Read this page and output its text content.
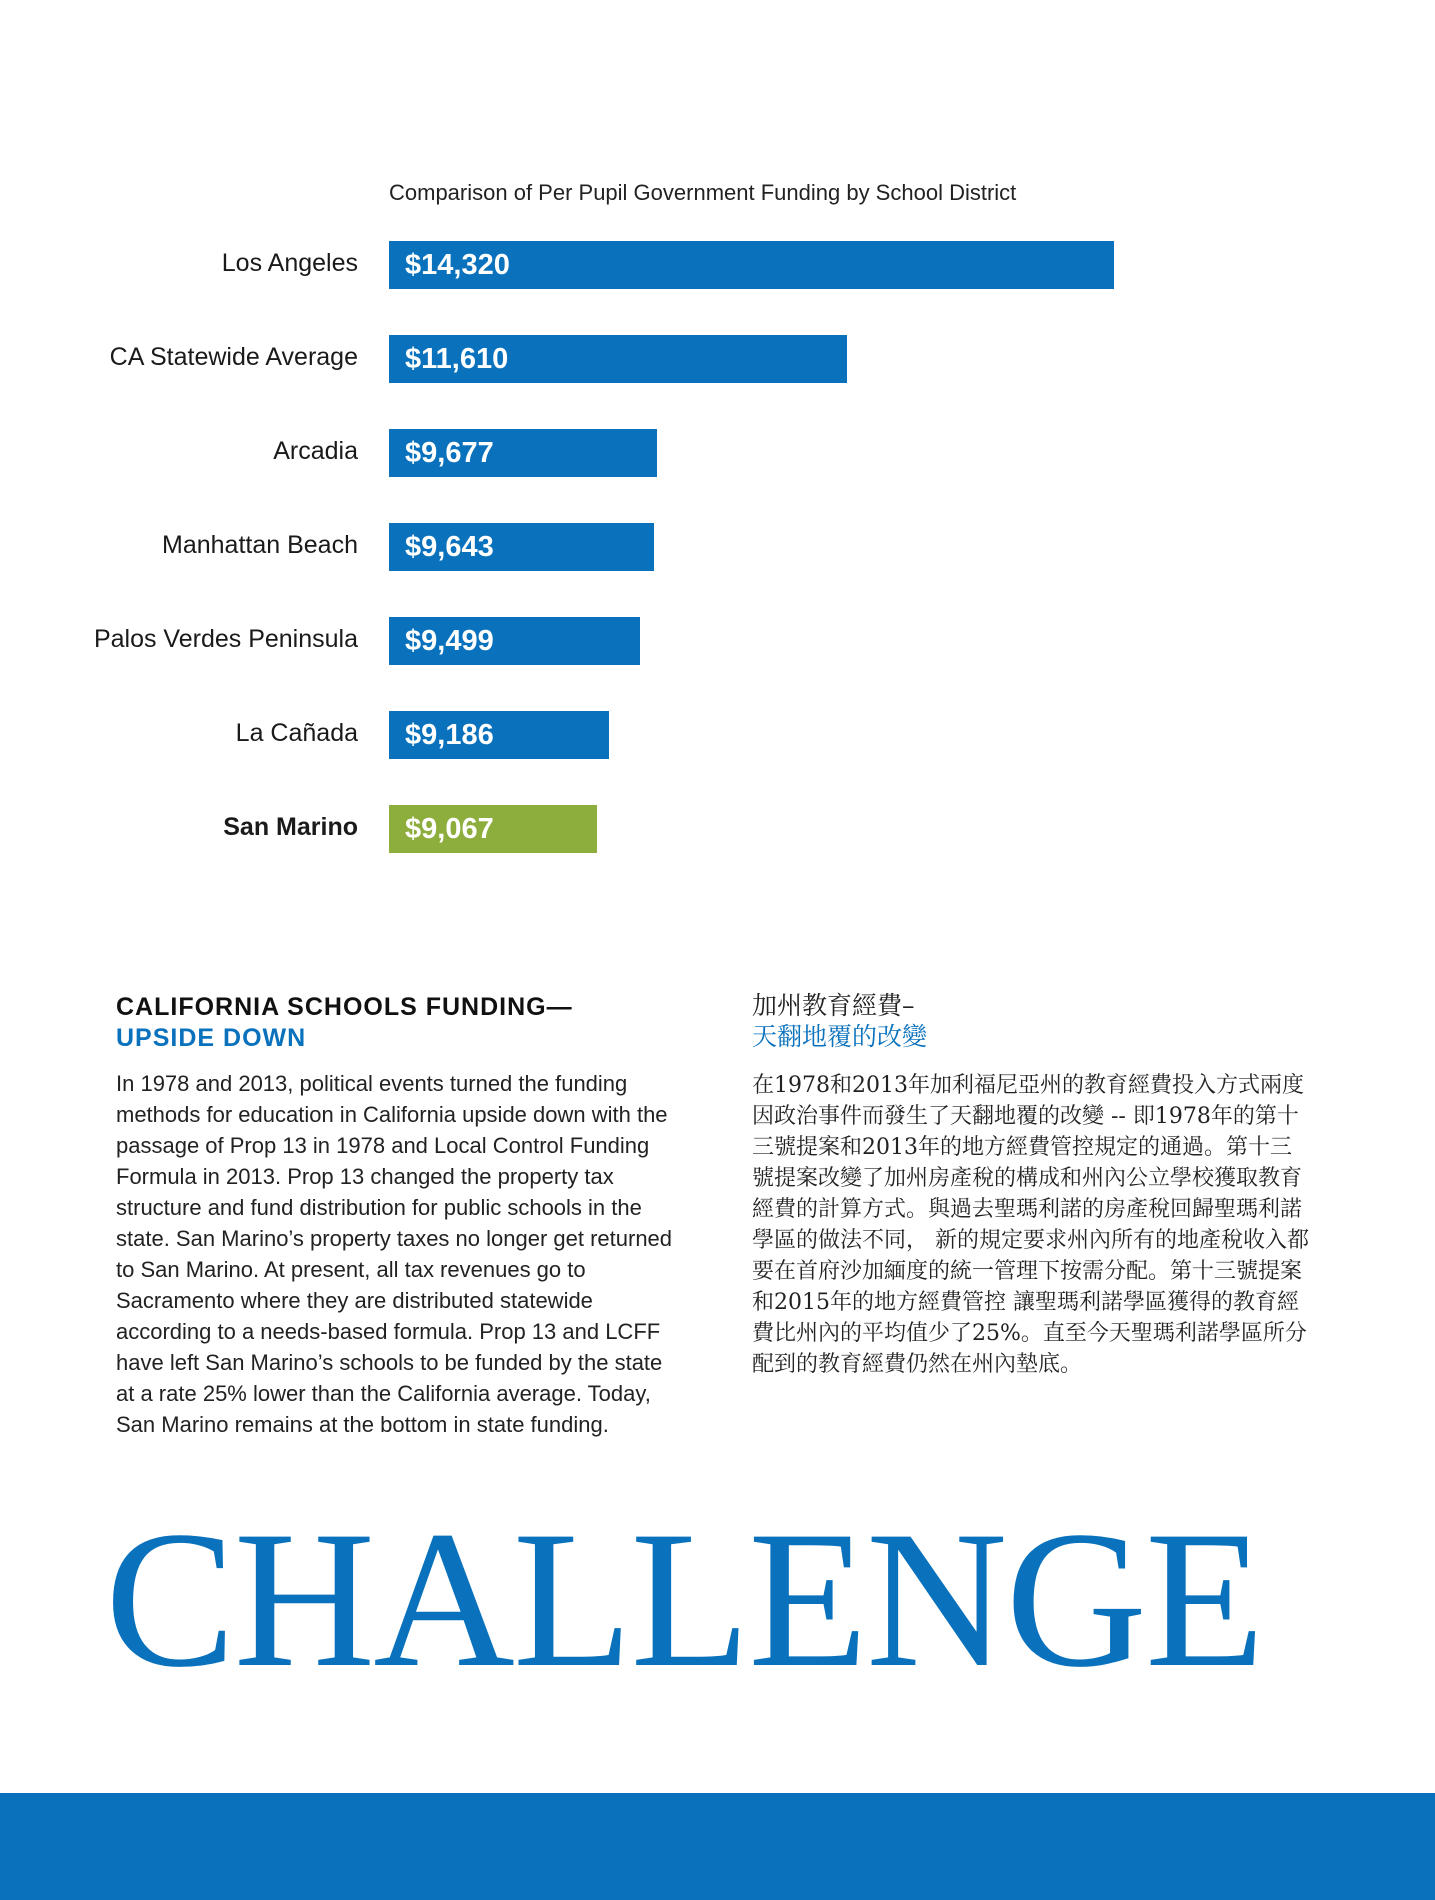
Comparison of Per Pupil Government Funding by School District
Los Angeles $14,320
CA Statewide Average $11,610
Arcadia $9,677
Manhattan Beach $9,643
Palos Verdes Peninsula $9,499
La Cañada $9,186
San Marino $9,067
CALIFORNIA SCHOOLS FUNDING—
UPSIDE DOWN
In 1978 and 2013, political events turned the funding methods for education in California upside down with the passage of Prop 13 in 1978 and Local Control Funding Formula in 2013. Prop 13 changed the property tax structure and fund distribution for public schools in the state. San Marino’s property taxes no longer get returned to San Marino. At present, all tax revenues go to Sacramento where they are distributed statewide according to a needs-based formula. Prop 13 and LCFF have left San Marino’s schools to be funded by the state at a rate 25% lower than the California average. Today, San Marino remains at the bottom in state funding.
加州教育經費–
天翻地覆的改變
在1978和2013年加利福尼亞州的教育經費投入方式兩度因政治事件而發生了天翻地覆的改變 -- 即1978年的第十三號提案和2013年的地方經費管控規定的通過。第十三號提案改變了加州房產稅的構成和州內公立學校獲取教育經費的計算方式。與過去聖瑪利諾的房產稅回歸聖瑪利諾學區的做法不同， 新的規定要求州內所有的地產稅收入都要在首府沙加緬度的統一管理下按需分配。第十三號提案 和2015年的地方經費管控 讓聖瑪利諾學區獲得的教育經費比州內的平均值少了25%。直至今天聖瑪利諾學區所分配到的教育經費仍然在州內墊底。
CHALLENGE
